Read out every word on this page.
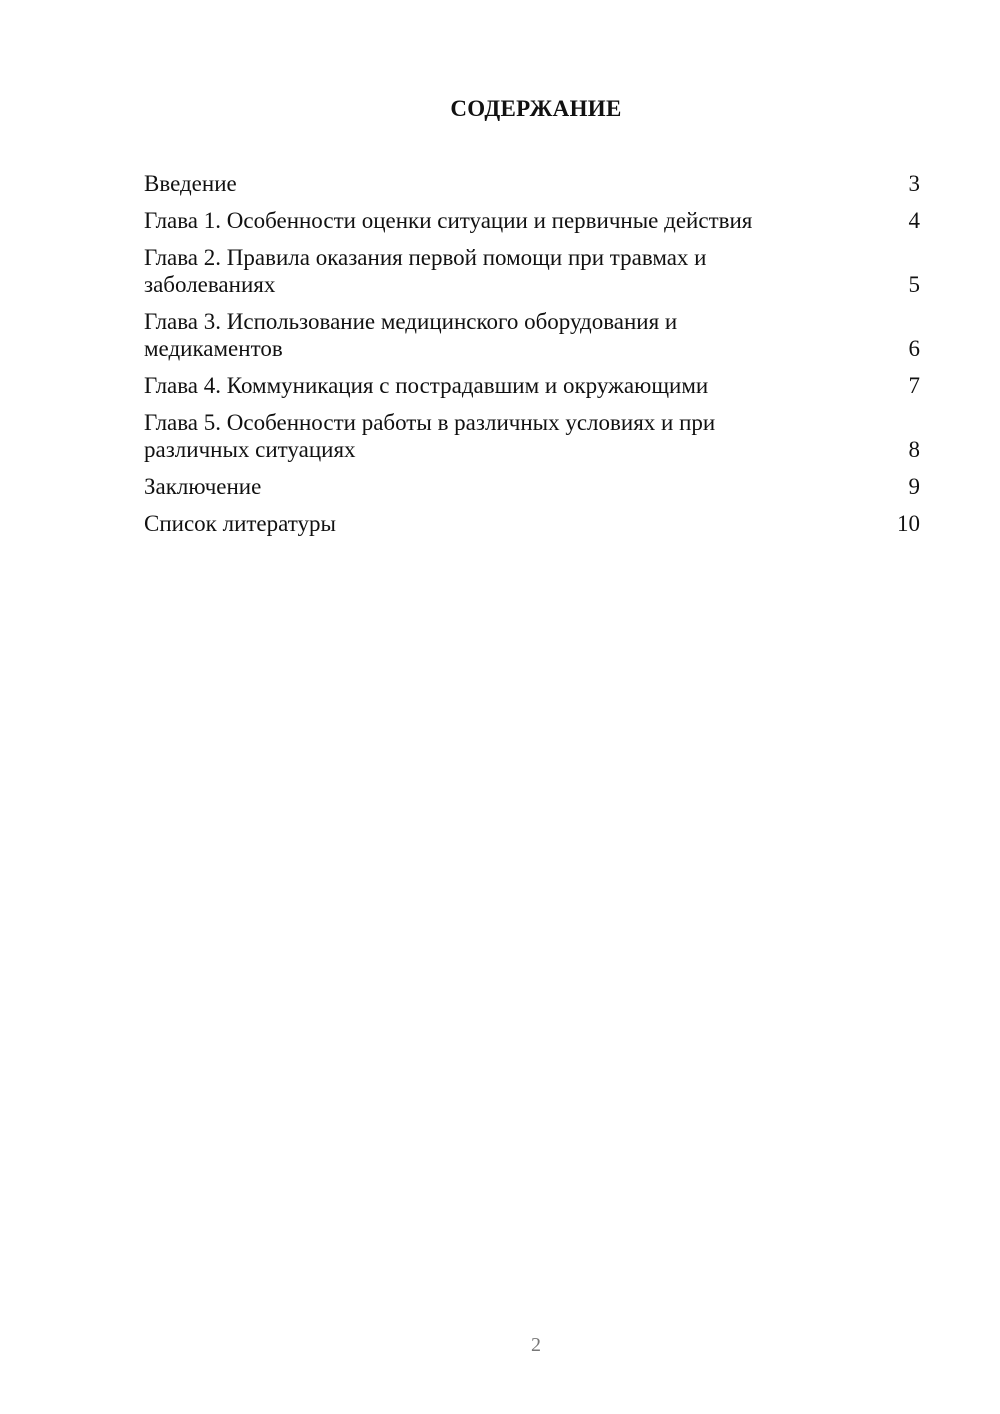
СОДЕРЖАНИЕ
Введение	3
Глава 1. Особенности оценки ситуации и первичные действия	4
Глава 2. Правила оказания первой помощи при травмах и заболеваниях	5
Глава 3. Использование медицинского оборудования и медикаментов	6
Глава 4. Коммуникация с пострадавшим и окружающими	7
Глава 5. Особенности работы в различных условиях и при различных ситуациях	8
Заключение	9
Список литературы	10
2
